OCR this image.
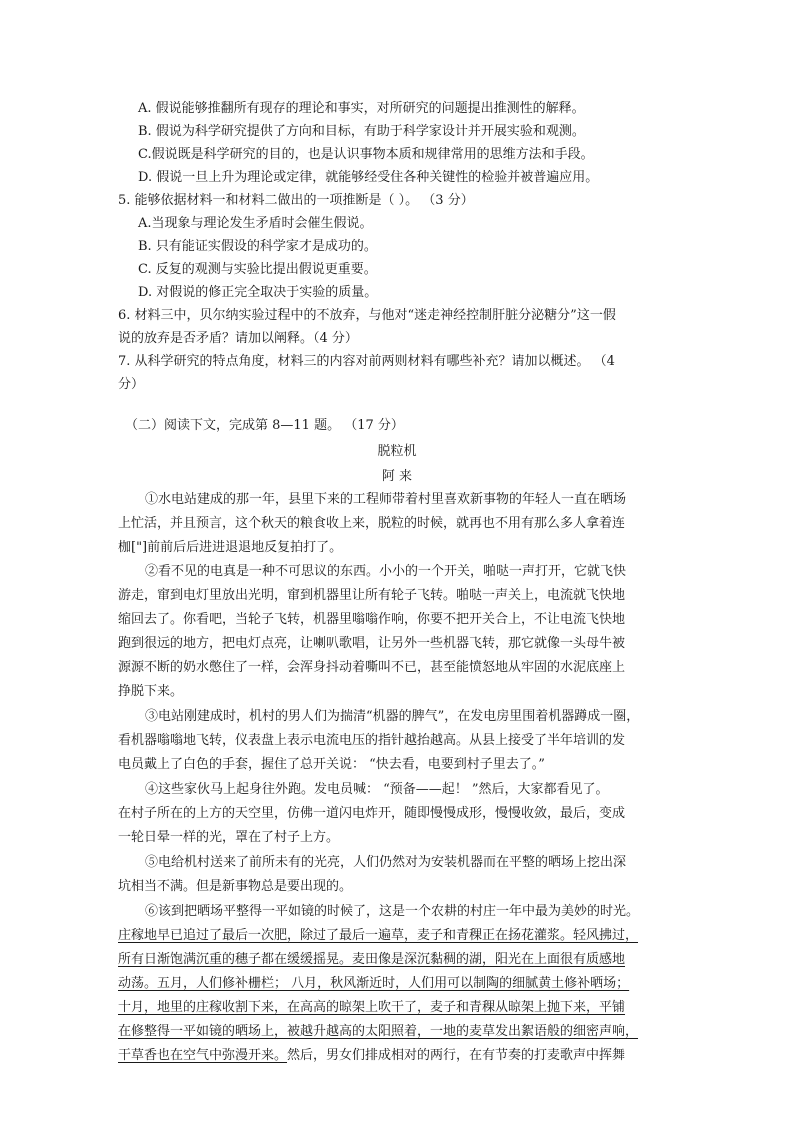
A. 假说能够推翻所有现存的理论和事实，对所研究的问题提出推测性的解释。
B. 假说为科学研究提供了方向和目标，有助于科学家设计并开展实验和观测。
C.假说既是科学研究的目的，也是认识事物本质和规律常用的思维方法和手段。
D. 假说一旦上升为理论或定律，就能够经受住各种关键性的检验并被普遍应用。
5. 能够依据材料一和材料二做出的一项推断是（ ）。 （3 分）
A.当现象与理论发生矛盾时会催生假说。
B. 只有能证实假设的科学家才是成功的。
C. 反复的观测与实验比提出假说更重要。
D. 对假说的修正完全取决于实验的质量。
6. 材料三中，贝尔纳实验过程中的不放弃，与他对“迷走神经控制肝脏分泌糖分”这一假
说的放弃是否矛盾？请加以阐释。（4 分）
7. 从科学研究的特点角度，材料三的内容对前两则材料有哪些补充？请加以概述。 （4
分）
（二）阅读下文，完成第 8—11 题。 （17 分）
脱粒机
阿 来
①水电站建成的那一年，县里下来的工程师带着村里喜欢新事物的年轻人一直在晒场
上忙活，并且预言，这个秋天的粮食收上来，脱粒的时候，就再也不用有那么多人拿着连
枷["]前前后后进进退退地反复拍打了。
②看不见的电真是一种不可思议的东西。小小的一个开关，啪哒一声打开，它就飞快
游走，窜到电灯里放出光明，窜到机器里让所有轮子飞转。啪哒一声关上，电流就飞快地
缩回去了。你看吧，当轮子飞转，机器里嗡嗡作响，你要不把开关合上，不让电流飞快地
跑到很远的地方，把电灯点亮，让喇叭歌唱，让另外一些机器飞转，那它就像一头母牛被
源源不断的奶水憋住了一样，会浑身抖动着嘶叫不已，甚至能愤怒地从牢固的水泥底座上
挣脱下来。
③电站刚建成时，机村的男人们为揣清“机器的脾气”，在发电房里围着机器蹲成一圈，
看机器嗡嗡地飞转，仪表盘上表示电流电压的指针越抬越高。从县上接受了半年培训的发
电员戴上了白色的手套，握住了总开关说： “快去看，电要到村子里去了。”
④这些家伙马上起身往外跑。发电员喊： “预备——起！ ”然后，大家都看见了。
在村子所在的上方的天空里，仿佛一道闪电炸开，随即慢慢成形，慢慢收敛，最后，变成
一轮日晕一样的光，罩在了村子上方。
⑤电给机村送来了前所未有的光亮，人们仍然对为安装机器而在平整的晒场上挖出深
坑相当不满。但是新事物总是要出现的。
⑥该到把晒场平整得一平如镜的时候了，这是一个农耕的村庄一年中最为美妙的时光。
庄稼地早已追过了最后一次肥，除过了最后一遍草，麦子和青稞正在扬花灌浆。轻风拂过，
所有日渐饱满沉重的穗子都在缓缓摇晃。麦田像是深沉黏稠的湖，阳光在上面很有质感地
动荡。五月，人们修补栅栏； 八月，秋风渐近时，人们用可以制陶的细腻黄土修补晒场；
十月，地里的庄稼收割下来，在高高的晾架上吹干了，麦子和青稞从晾架上抛下来，平铺
在修整得一平如镜的晒场上，被越升越高的太阳照着，一地的麦草发出絮语般的细密声响，
干草香也在空气中弥漫开来。然后，男女们排成相对的两行，在有节奏的打麦歌声中挥舞
